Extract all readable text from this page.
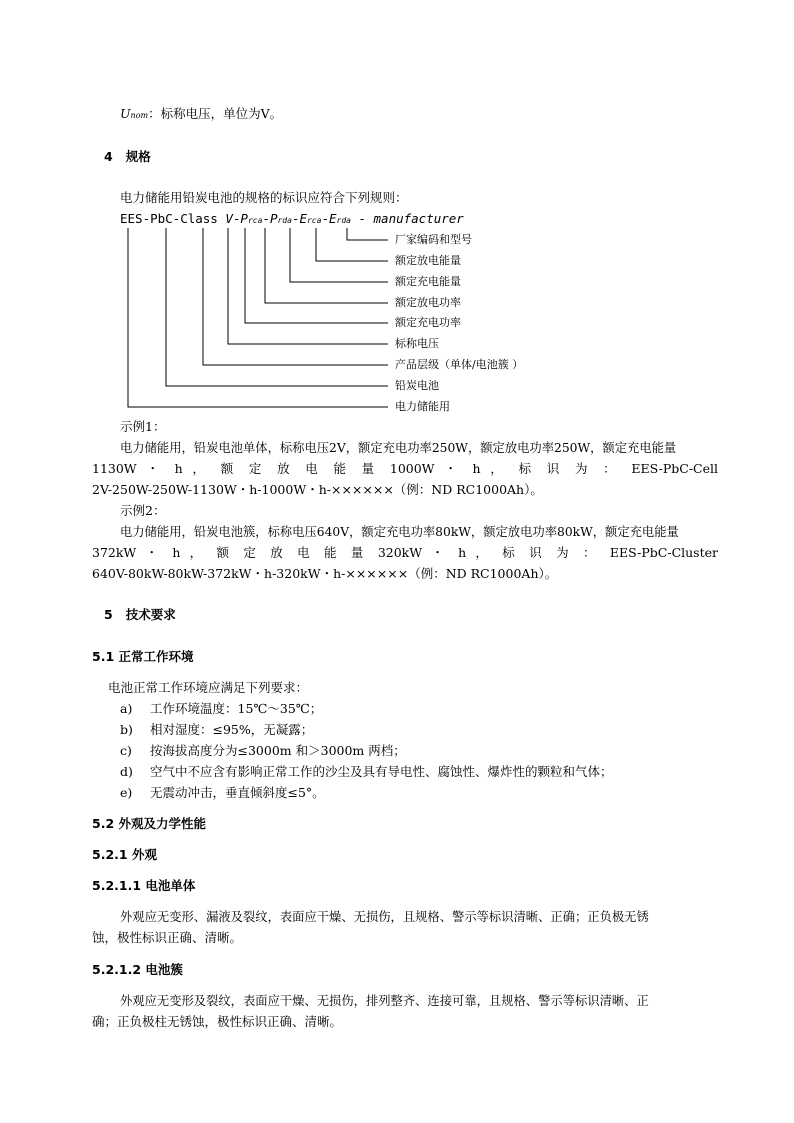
Unom：标称电压，单位为V。
4 规格
电力储能用铅炭电池的规格的标识应符合下列规则：
EES-PbC-Class V-Prca-Prda-Erca-Erda - manufacturer
厂家编码和型号
额定放电能量
额定充电能量
额定放电功率
额定充电功率
标称电压
产品层级（单体/电池簇 ）
铅炭电池
电力储能用
示例1：
电力储能用，铅炭电池单体，标称电压2V，额定充电功率250W，额定放电功率250W，额定充电能量
1130W ・ h ， 额 定 放 电 能 量 1000W ・ h ， 标 识 为 ： EES-PbC-Cell
2V-250W-250W-1130W・h-1000W・h-××××××（例：ND RC1000Ah）。
示例2：
电力储能用，铅炭电池簇，标称电压640V，额定充电功率80kW，额定放电功率80kW，额定充电能量
372kW ・ h ， 额 定 放 电 能 量 320kW ・ h ， 标 识 为 ： EES-PbC-Cluster
640V-80kW-80kW-372kW・h-320kW・h-××××××（例：ND RC1000Ah）。
5 技术要求
5.1 正常工作环境
电池正常工作环境应满足下列要求：
a) 工作环境温度：15℃～35℃；
b) 相对湿度：≤95%，无凝露；
c) 按海拔高度分为≤3000m 和＞3000m 两档；
d) 空气中不应含有影响正常工作的沙尘及具有导电性、腐蚀性、爆炸性的颗粒和气体；
e) 无震动冲击，垂直倾斜度≤5°。
5.2 外观及力学性能
5.2.1 外观
5.2.1.1 电池单体
外观应无变形、漏液及裂纹，表面应干燥、无损伤，且规格、警示等标识清晰、正确；正负极无锈
蚀，极性标识正确、清晰。
5.2.1.2 电池簇
外观应无变形及裂纹，表面应干燥、无损伤，排列整齐、连接可靠，且规格、警示等标识清晰、正
确；正负极柱无锈蚀，极性标识正确、清晰。
